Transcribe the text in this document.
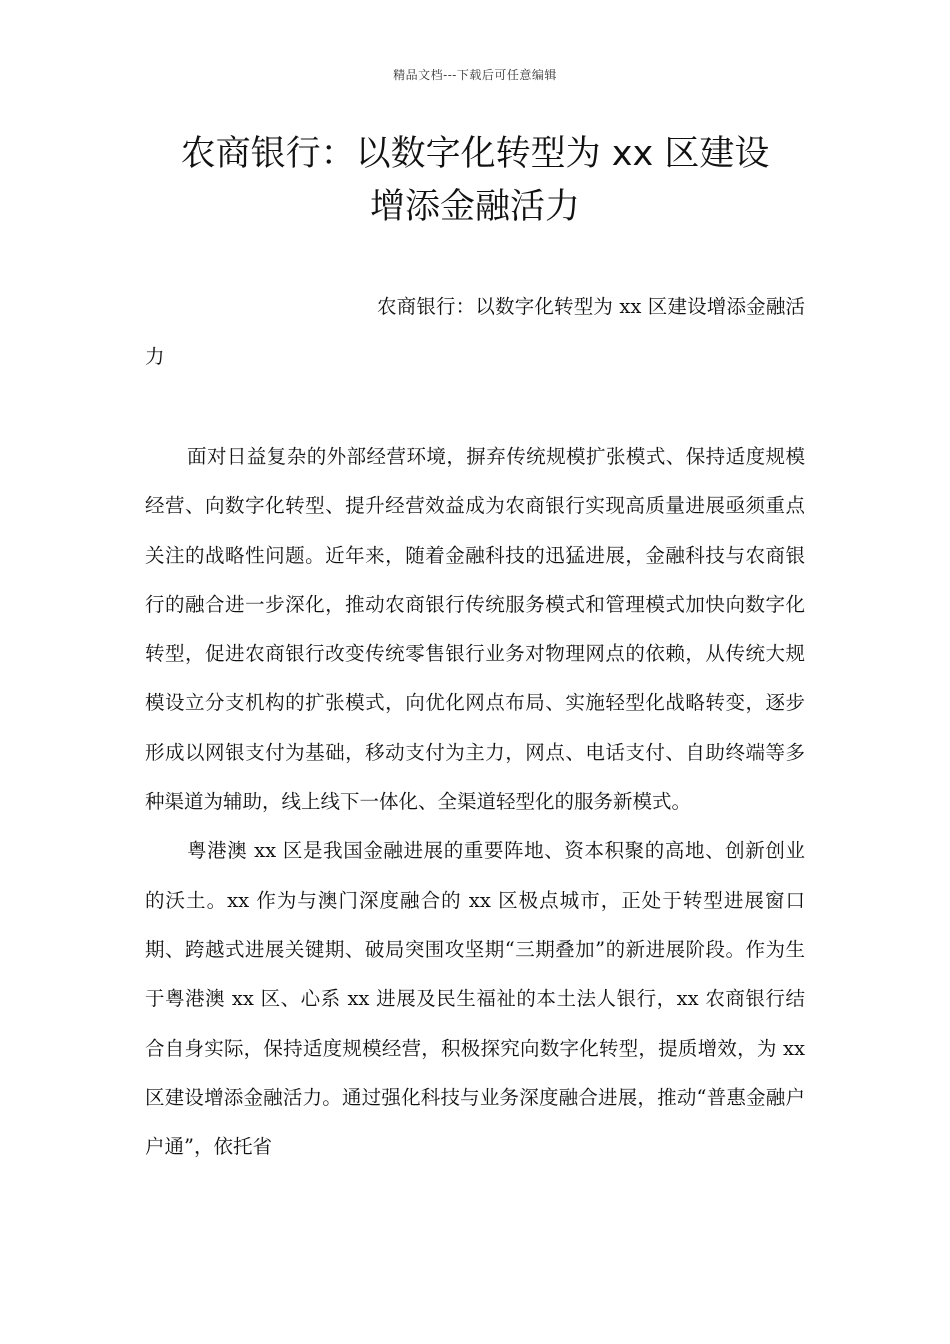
精品文档---下载后可任意编辑
农商银行：以数字化转型为 xx 区建设
增添金融活力

农商银行：以数字化转型为 xx 区建设增添金融活力

面对日益复杂的外部经营环境，摒弃传统规模扩张模式、保持适度规模经营、向数字化转型、提升经营效益成为农商银行实现高质量进展亟须重点关注的战略性问题。近年来，随着金融科技的迅猛进展，金融科技与农商银行的融合进一步深化，推动农商银行传统服务模式和管理模式加快向数字化转型，促进农商银行改变传统零售银行业务对物理网点的依赖，从传统大规模设立分支机构的扩张模式，向优化网点布局、实施轻型化战略转变，逐步形成以网银支付为基础，移动支付为主力，网点、电话支付、自助终端等多种渠道为辅助，线上线下一体化、全渠道轻型化的服务新模式。

粤港澳 xx 区是我国金融进展的重要阵地、资本积聚的高地、创新创业的沃土。xx 作为与澳门深度融合的 xx 区极点城市，正处于转型进展窗口期、跨越式进展关键期、破局突围攻坚期“三期叠加”的新进展阶段。作为生于粤港澳 xx 区、心系 xx 进展及民生福祉的本土法人银行，xx 农商银行结合自身实际，保持适度规模经营，积极探究向数字化转型，提质增效，为 xx 区建设增添金融活力。通过强化科技与业务深度融合进展，推动“普惠金融户户通”，依托省
